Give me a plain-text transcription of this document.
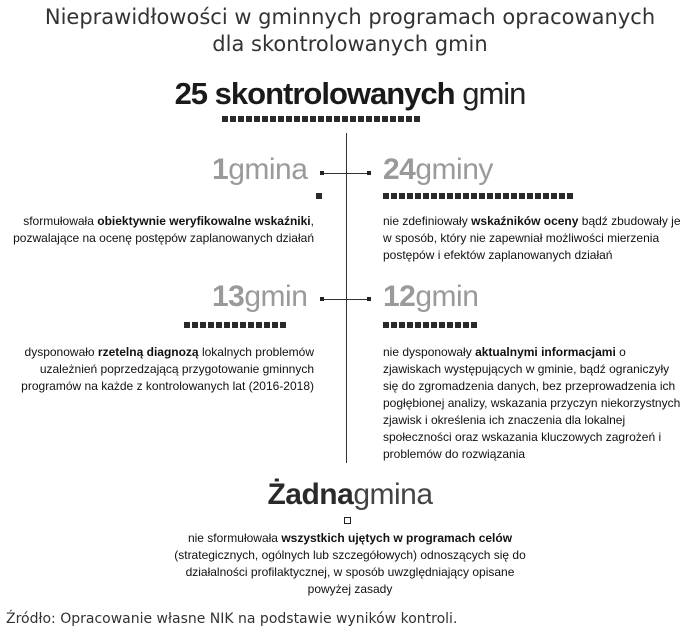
Nieprawidłowości w gminnych programach opracowanych
dla skontrolowanych gmin
25 skontrolowanych gmin
1gmina
sformułowała obiektywnie weryfikowalne wskaźniki, pozwalające na ocenę postępów zaplanowanych działań
24gminy
nie zdefiniowały wskaźników oceny bądź zbudowały je w sposób, który nie zapewniał możliwości mierzenia postępów i efektów zaplanowanych działań
13gmin
dysponowało rzetelną diagnozą lokalnych problemów uzależnień poprzedzającą przygotowanie gminnych programów na każde z kontrolowanych lat (2016-2018)
12gmin
nie dysponowały aktualnymi informacjami o zjawiskach występujących w gminie, bądź ograniczyły się do zgromadzenia danych, bez przeprowadzenia ich pogłębionej analizy, wskazania przyczyn niekorzystnych zjawisk i określenia ich znaczenia dla lokalnej społeczności oraz wskazania kluczowych zagrożeń i problemów do rozwiązania
Żadnagmina
nie sformułowała wszystkich ujętych w programach celów (strategicznych, ogólnych lub szczegółowych) odnoszących się do działalności profilaktycznej, w sposób uwzględniający opisane powyżej zasady
Źródło: Opracowanie własne NIK na podstawie wyników kontroli.
